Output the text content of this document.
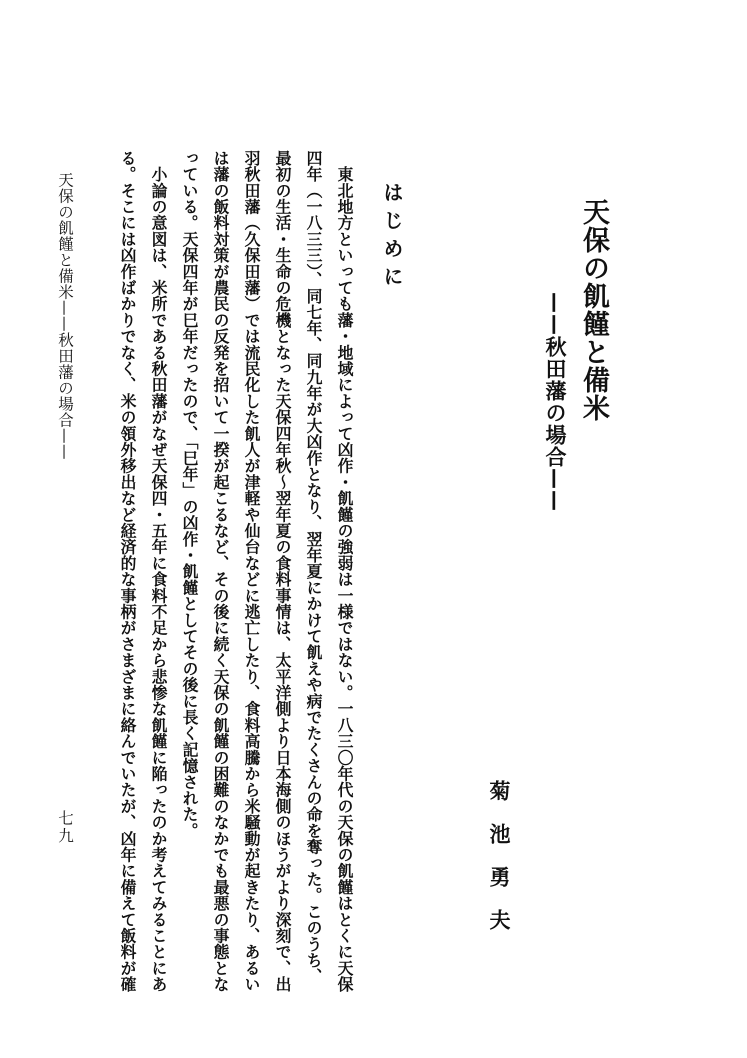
天保の飢饉と備米
——秋田藩の場合——
菊池勇夫
はじめに

　東北地方といっても藩・地域によって凶作・飢饉の強弱は一様ではない。一八三〇年代の天保の飢饉はとくに天保

四年（一八三三）、同七年、同九年が大凶作となり、翌年夏にかけて飢えや病でたくさんの命を奪った。このうち、

最初の生活・生命の危機となった天保四年秋～翌年夏の食料事情は、太平洋側より日本海側のほうがより深刻で、出

羽秋田藩（久保田藩）では流民化した飢人が津軽や仙台などに逃亡したり、食料高騰から米騒動が起きたり、あるい

は藩の飯料対策が農民の反発を招いて一揆が起こるなど、その後に続く天保の飢饉の困難のなかでも最悪の事態とな

っている。天保四年が巳年だったので、「巳年」の凶作・飢饉としてその後に長く記憶された。

　小論の意図は、米所である秋田藩がなぜ天保四・五年に食料不足から悲惨な飢饉に陥ったのか考えてみることにあ

る。そこには凶作ばかりでなく、米の領外移出など経済的な事柄がさまざまに絡んでいたが、凶年に備えて飯料が確

天保の飢饉と備米——秋田藩の場合——
七九
